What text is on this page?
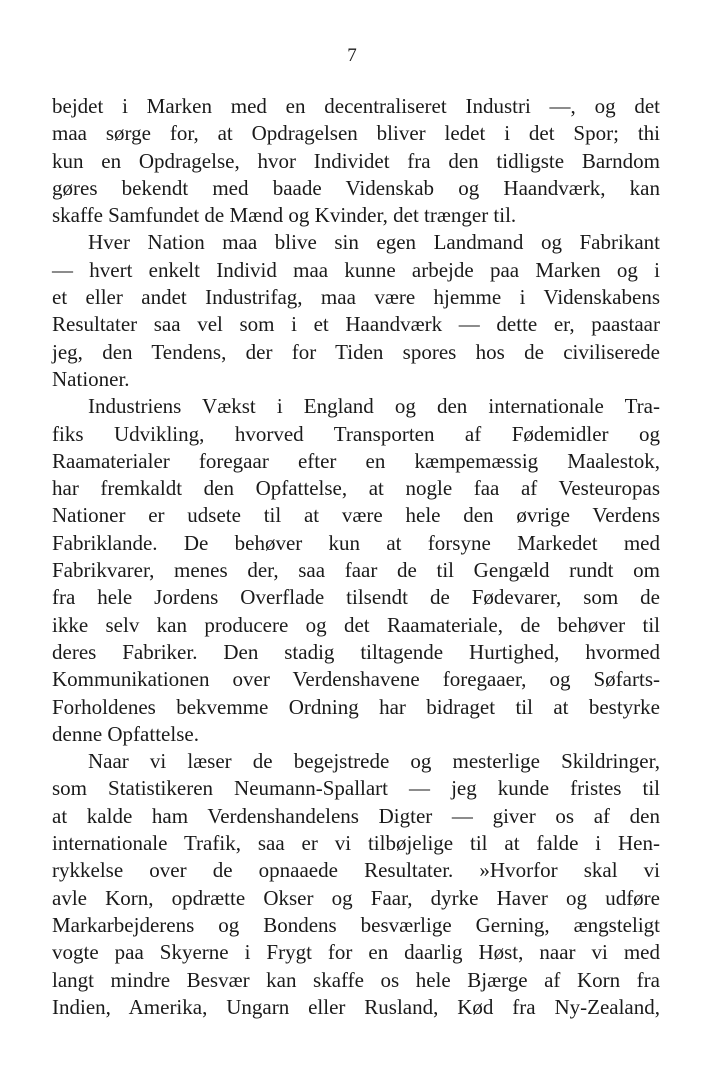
7

bejdet i Marken med en decentraliseret Industri —, og det
maa sørge for, at Opdragelsen bliver ledet i det Spor; thi
kun en Opdragelse, hvor Individet fra den tidligste Barndom
gøres bekendt med baade Videnskab og Haandværk, kan
skaffe Samfundet de Mænd og Kvinder, det trænger til.
Hver Nation maa blive sin egen Landmand og Fabrikant
— hvert enkelt Individ maa kunne arbejde paa Marken og i
et eller andet Industrifag, maa være hjemme i Videnskabens
Resultater saa vel som i et Haandværk — dette er, paastaar
jeg, den Tendens, der for Tiden spores hos de civiliserede
Nationer.
Industriens Vækst i England og den internationale Tra-
fiks Udvikling, hvorved Transporten af Fødemidler og
Raamaterialer foregaar efter en kæmpemæssig Maalestok,
har fremkaldt den Opfattelse, at nogle faa af Vesteuropas
Nationer er udsete til at være hele den øvrige Verdens
Fabriklande. De behøver kun at forsyne Markedet med
Fabrikvarer, menes der, saa faar de til Gengæld rundt om
fra hele Jordens Overflade tilsendt de Fødevarer, som de
ikke selv kan producere og det Raamateriale, de behøver til
deres Fabriker. Den stadig tiltagende Hurtighed, hvormed
Kommunikationen over Verdenshavene foregaaer, og Søfarts-
Forholdenes bekvemme Ordning har bidraget til at bestyrke
denne Opfattelse.
Naar vi læser de begejstrede og mesterlige Skildringer,
som Statistikeren Neumann-Spallart — jeg kunde fristes til
at kalde ham Verdenshandelens Digter — giver os af den
internationale Trafik, saa er vi tilbøjelige til at falde i Hen-
rykkelse over de opnaaede Resultater. »Hvorfor skal vi
avle Korn, opdrætte Okser og Faar, dyrke Haver og udføre
Markarbejderens og Bondens besværlige Gerning, ængsteligt
vogte paa Skyerne i Frygt for en daarlig Høst, naar vi med
langt mindre Besvær kan skaffe os hele Bjærge af Korn fra
Indien, Amerika, Ungarn eller Rusland, Kød fra Ny-Zealand,
